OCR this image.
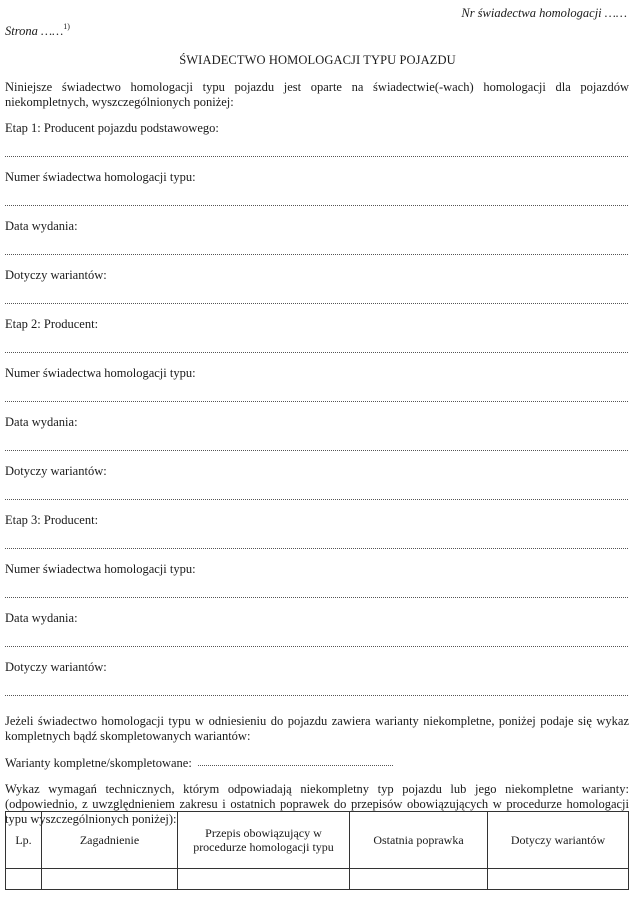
Nr świadectwa homologacji ……
Strona ……$^{1)}$
ŚWIADECTWO HOMOLOGACJI TYPU POJAZDU
Niniejsze świadectwo homologacji typu pojazdu jest oparte na świadectwie(-wach) homologacji dla pojazdów niekompletnych, wyszczególnionych poniżej:
Etap 1: Producent pojazdu podstawowego:
Numer świadectwa homologacji typu:
Data wydania:
Dotyczy wariantów:
Etap 2: Producent:
Numer świadectwa homologacji typu:
Data wydania:
Dotyczy wariantów:
Etap 3: Producent:
Numer świadectwa homologacji typu:
Data wydania:
Dotyczy wariantów:
Jeżeli świadectwo homologacji typu w odniesieniu do pojazdu zawiera warianty niekompletne, poniżej podaje się wykaz kompletnych bądź skompletowanych wariantów:
Warianty kompletne/skompletowane:
Wykaz wymagań technicznych, którym odpowiadają niekompletny typ pojazdu lub jego niekompletne warianty: (odpowiednio, z uwzględnieniem zakresu i ostatnich poprawek do przepisów obowiązujących w procedurze homologacji typu wyszczególnionych poniżej):
Lp.	Zagadnienie	Przepis obowiązujący w procedurze homologacji typu	Ostatnia poprawka	Dotyczy wariantów
